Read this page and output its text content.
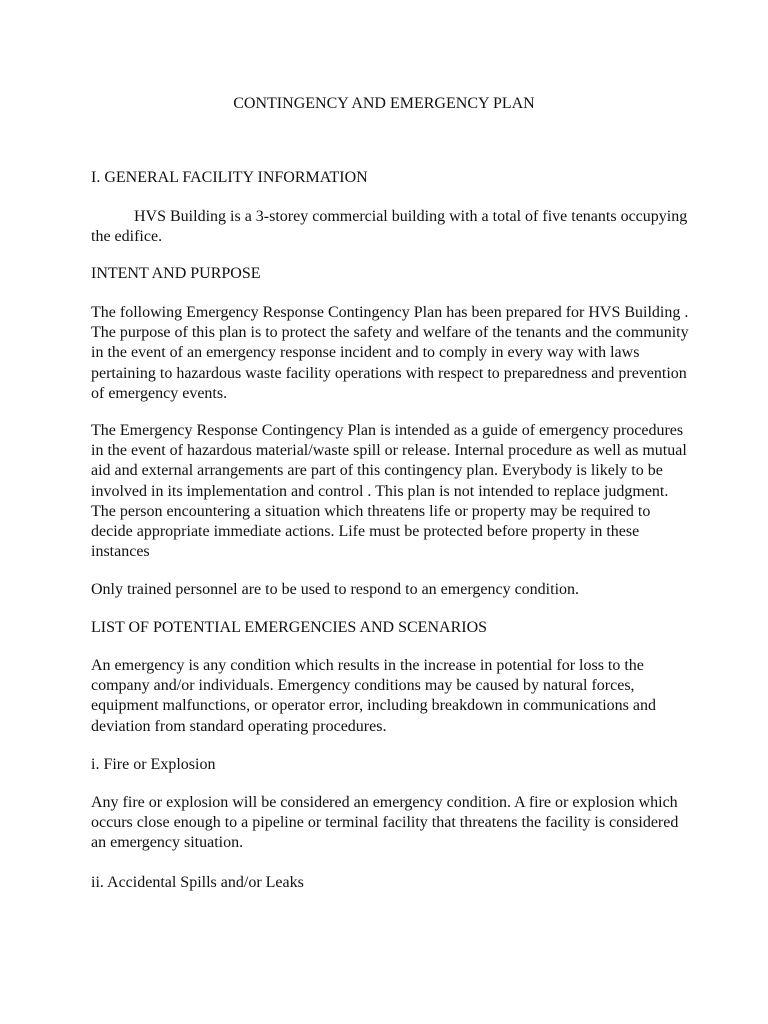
CONTINGENCY AND EMERGENCY PLAN
I. GENERAL FACILITY INFORMATION

HVS Building is a 3-storey commercial building with a total of five tenants occupying the edifice.

INTENT AND PURPOSE

The following Emergency Response Contingency Plan has been prepared for HVS Building . The purpose of this plan is to protect the safety and welfare of the tenants and the community in the event of an emergency response incident and to comply in every way with laws pertaining to hazardous waste facility operations with respect to preparedness and prevention of emergency events.

The Emergency Response Contingency Plan is intended as a guide of emergency procedures in the event of hazardous material/waste spill or release. Internal procedure as well as mutual aid and external arrangements are part of this contingency plan. Everybody is likely to be involved in its implementation and control . This plan is not intended to replace judgment. The person encountering a situation which threatens life or property may be required to decide appropriate immediate actions. Life must be protected before property in these instances

Only trained personnel are to be used to respond to an emergency condition.

LIST OF POTENTIAL EMERGENCIES AND SCENARIOS

An emergency is any condition which results in the increase in potential for loss to the company and/or individuals. Emergency conditions may be caused by natural forces, equipment malfunctions, or operator error, including breakdown in communications and deviation from standard operating procedures.

i. Fire or Explosion

Any fire or explosion will be considered an emergency condition. A fire or explosion which occurs close enough to a pipeline or terminal facility that threatens the facility is considered an emergency situation.

ii. Accidental Spills and/or Leaks
